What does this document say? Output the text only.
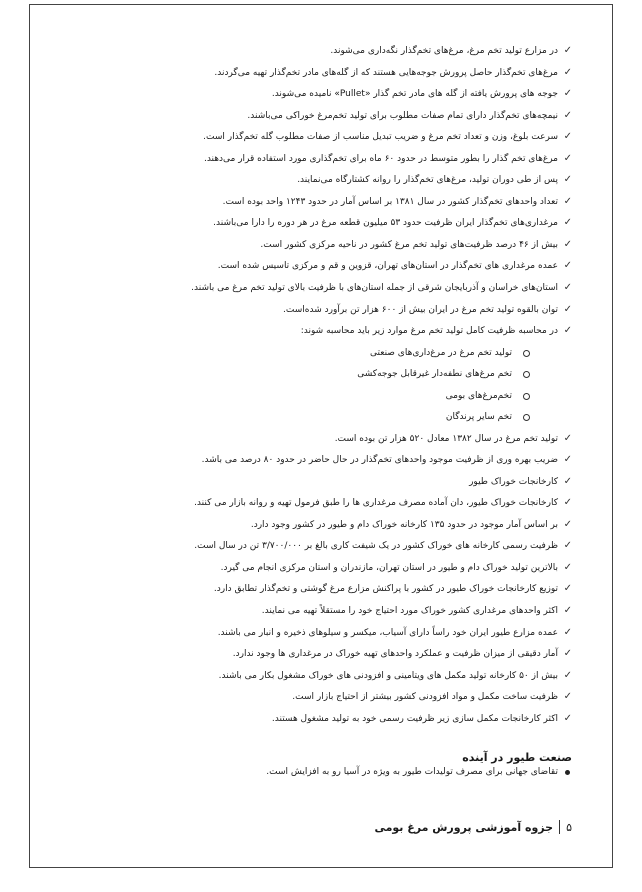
✓
در مزارع تولید تخم مرغ، مرغ‌های تخم‌گذار نگه‌داری می‌شوند.
✓
مرغ‌های تخم‌گذار حاصل پرورش جوجه‌هایی هستند که از گله‌های مادر تخم‌گذار تهیه می‌گردند.
✓
جوجه های پرورش یافته از گله های مادر تخم گذار «Pullet» نامیده می‌شوند.
✓
نیمچه‌های تخم‌گذار دارای تمام صفات مطلوب برای تولید تخم‌مرغ خوراکی می‌باشند.
✓
سرعت بلوغ، وزن و تعداد تخم مرغ و ضریب تبدیل مناسب از صفات مطلوب گله تخم‌گذار است.
✓
مرغ‌های تخم گذار را بطور متوسط در حدود ۶۰ ماه برای تخم‌گذاری مورد استفاده قرار می‌دهند.
✓
پس از طی دوران تولید، مرغ‌های تخم‌گذار را روانه کشتارگاه می‌نمایند.
✓
تعداد واحدهای تخم‌گذار کشور در سال ۱۳۸۱ بر اساس آمار در حدود ۱۲۴۳ واحد بوده است.
✓
مرغداری‌های تخم‌گذار ایران ظرفیت حدود ۵۳ میلیون قطعه مرغ در هر دوره را دارا می‌باشند.
✓
بیش از ۴۶ درصد ظرفیت‌های تولید تخم مرغ کشور در ناحیه مرکزی کشور است.
✓
عمده مرغداری های تخم‌گذار در استان‌های تهران، قزوین و قم و مرکزی تاسیس شده است.
✓
استان‌های خراسان و آذربایجان شرقی از جمله استان‌های با ظرفیت بالای تولید تخم مرغ می باشند.
✓
توان بالقوه تولید تخم مرغ در ایران بیش از ۶۰۰ هزار تن برآورد شده‌است.
✓
در محاسبه ظرفیت کامل تولید تخم مرغ موارد زیر باید محاسبه شوند:
تولید تخم مرغ در مرغ‌داری‌های صنعتی
تخم مرغ‌های نطفه‌دار غیرقابل جوجه‌کشی
تخم‌مرغ‌های بومی
تخم سایر پرندگان
✓
تولید تخم مرغ در سال ۱۳۸۲ معادل ۵۲۰ هزار تن بوده است.
✓
ضریب بهره وری از ظرفیت موجود واحدهای تخم‌گذار در حال حاضر در حدود ۸۰ درصد می باشد.
✓
کارخانجات خوراک طیور
✓
کارخانجات خوراک طیور، دان آماده مصرف مرغداری ها را طبق فرمول تهیه و روانه بازار می کنند.
✓
بر اساس آمار موجود در حدود ۱۳۵ کارخانه خوراک دام و طیور در کشور وجود دارد.
✓
ظرفیت رسمی کارخانه های خوراک کشور در یک شیفت کاری بالغ بر ۳/۷۰۰/۰۰۰ تن در سال است.
✓
بالاترین تولید خوراک دام و طیور در استان تهران، مازندران و استان مرکزی انجام می گیرد.
✓
توزیع کارخانجات خوراک طیور در کشور با پراکنش مزارع مرغ گوشتی و تخم‌گذار تطابق دارد.
✓
اکثر واحدهای مرغداری کشور خوراک مورد احتیاج خود را مستقلاً تهیه می نمایند.
✓
عمده مزارع طیور ایران خود راساً دارای آسیاب، میکسر و سیلوهای ذخیره و انبار می باشند.
✓
آمار دقیقی از میزان ظرفیت و عملکرد واحدهای تهیه خوراک در مرغداری ها وجود ندارد.
✓
بیش از ۵۰ کارخانه تولید مکمل های ویتامینی و افزودنی های خوراک مشغول بکار می باشند.
✓
ظرفیت ساخت مکمل و مواد افزودنی کشور بیشتر از احتیاج بازار است.
✓
اکثر کارخانجات مکمل سازی زیر ظرفیت رسمی خود به تولید مشغول هستند.
صنعت طیور در آینده
تقاضای جهانی برای مصرف تولیدات طیور به ویژه در آسیا رو به افزایش است.
۵
جزوه آموزشی پرورش مرغ بومی
